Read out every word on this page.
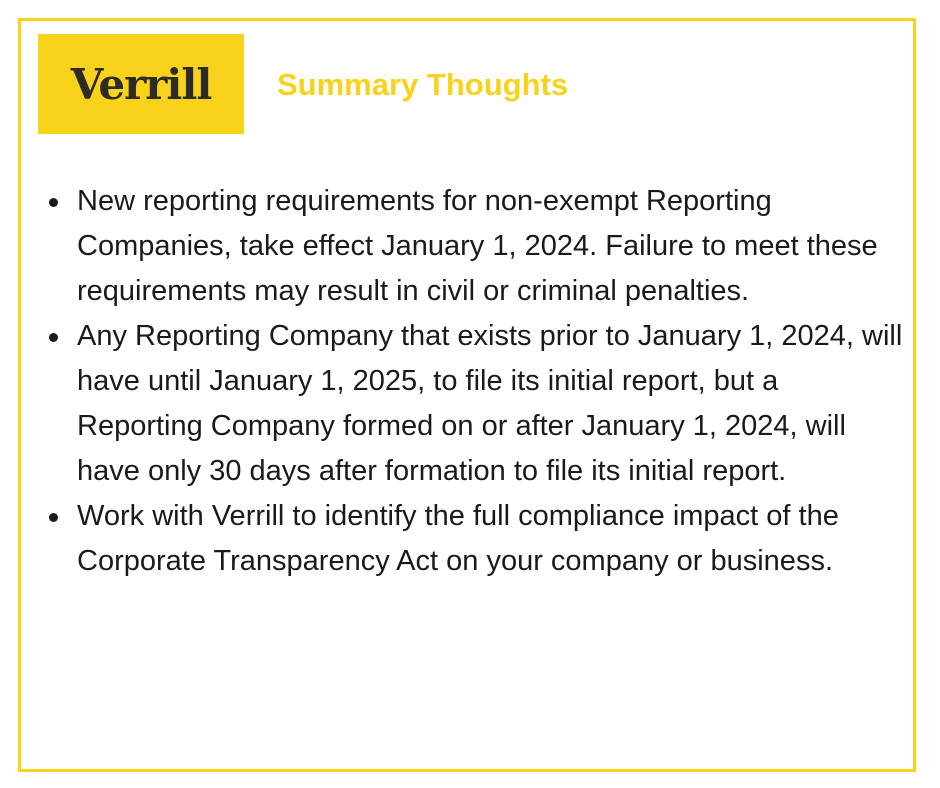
Verrill Summary Thoughts
New reporting requirements for non-exempt Reporting Companies, take effect January 1, 2024. Failure to meet these requirements may result in civil or criminal penalties.
Any Reporting Company that exists prior to January 1, 2024, will have until January 1, 2025, to file its initial report, but a Reporting Company formed on or after January 1, 2024, will have only 30 days after formation to file its initial report.
Work with Verrill to identify the full compliance impact of the Corporate Transparency Act on your company or business.
